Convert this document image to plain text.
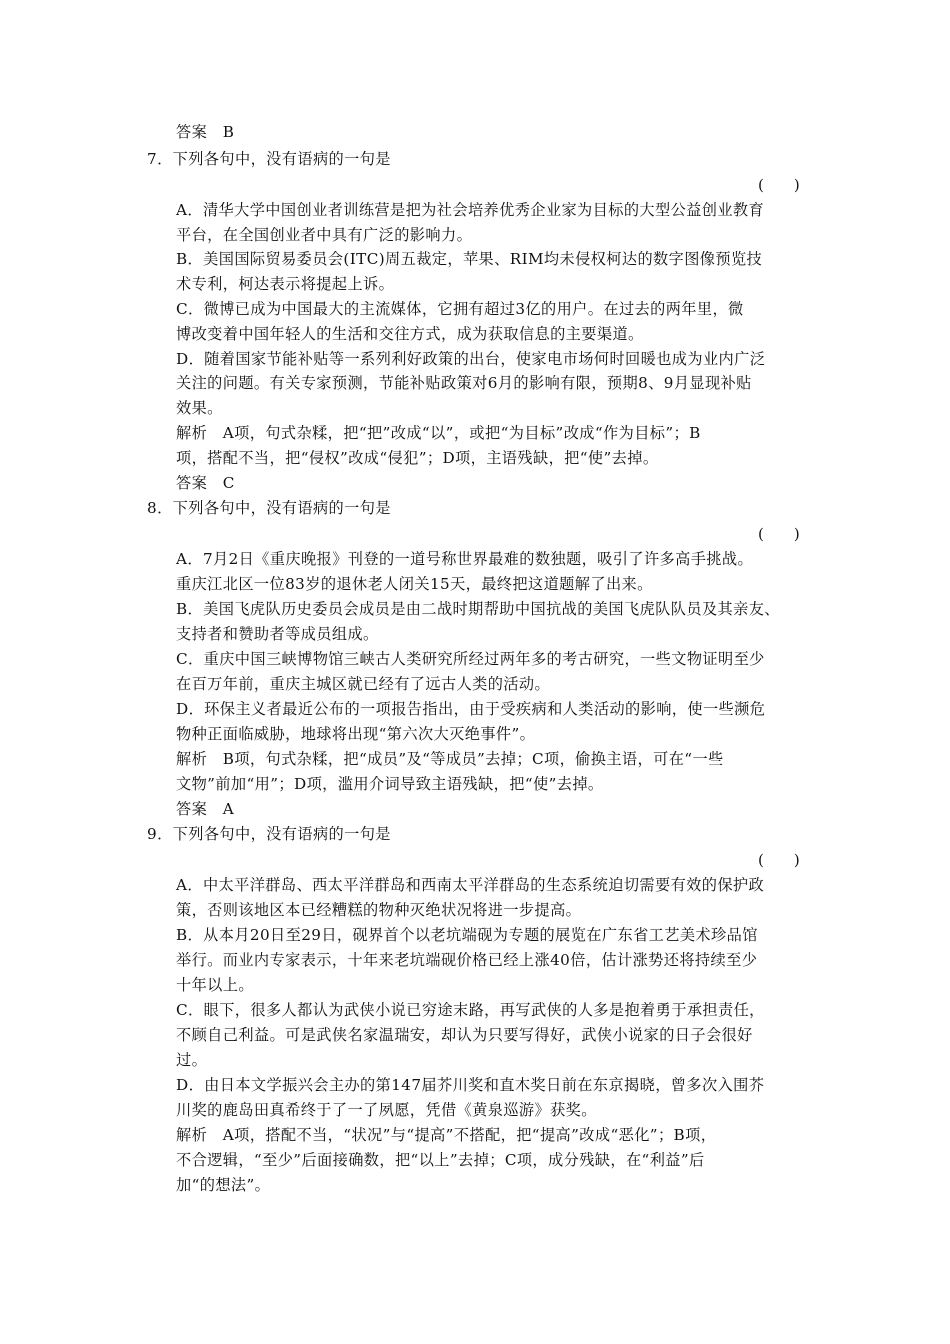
答案　B
7．下列各句中，没有语病的一句是
(　　)
A．清华大学中国创业者训练营是把为社会培养优秀企业家为目标的大型公益创业教育
平台，在全国创业者中具有广泛的影响力。
B．美国国际贸易委员会(ITC)周五裁定，苹果、RIM均未侵权柯达的数字图像预览技
术专利，柯达表示将提起上诉。
C．微博已成为中国最大的主流媒体，它拥有超过3亿的用户。在过去的两年里，微
博改变着中国年轻人的生活和交往方式，成为获取信息的主要渠道。
D．随着国家节能补贴等一系列利好政策的出台，使家电市场何时回暖也成为业内广泛
关注的问题。有关专家预测，节能补贴政策对6月的影响有限，预期8、9月显现补贴
效果。
解析　A项，句式杂糅，把“把”改成“以”，或把“为目标”改成“作为目标”；B
项，搭配不当，把“侵权”改成“侵犯”；D项，主语残缺，把“使”去掉。
答案　C
8．下列各句中，没有语病的一句是
(　　)
A．7月2日《重庆晚报》刊登的一道号称世界最难的数独题，吸引了许多高手挑战。
重庆江北区一位83岁的退休老人闭关15天，最终把这道题解了出来。
B．美国飞虎队历史委员会成员是由二战时期帮助中国抗战的美国飞虎队队员及其亲友、
支持者和赞助者等成员组成。
C．重庆中国三峡博物馆三峡古人类研究所经过两年多的考古研究，一些文物证明至少
在百万年前，重庆主城区就已经有了远古人类的活动。
D．环保主义者最近公布的一项报告指出，由于受疾病和人类活动的影响，使一些濒危
物种正面临威胁，地球将出现“第六次大灭绝事件”。
解析　B项，句式杂糅，把“成员”及“等成员”去掉；C项，偷换主语，可在“一些
文物”前加“用”；D项，滥用介词导致主语残缺，把“使”去掉。
答案　A
9．下列各句中，没有语病的一句是
(　　)
A．中太平洋群岛、西太平洋群岛和西南太平洋群岛的生态系统迫切需要有效的保护政
策，否则该地区本已经糟糕的物种灭绝状况将进一步提高。
B．从本月20日至29日，砚界首个以老坑端砚为专题的展览在广东省工艺美术珍品馆
举行。而业内专家表示，十年来老坑端砚价格已经上涨40倍，估计涨势还将持续至少
十年以上。
C．眼下，很多人都认为武侠小说已穷途末路，再写武侠的人多是抱着勇于承担责任，
不顾自己利益。可是武侠名家温瑞安，却认为只要写得好，武侠小说家的日子会很好
过。
D．由日本文学振兴会主办的第147届芥川奖和直木奖日前在东京揭晓，曾多次入围芥
川奖的鹿岛田真希终于了一了夙愿，凭借《黄泉巡游》获奖。
解析　A项，搭配不当，“状况”与“提高”不搭配，把“提高”改成“恶化”；B项，
不合逻辑，“至少”后面接确数，把“以上”去掉；C项，成分残缺，在“利益”后
加“的想法”。
